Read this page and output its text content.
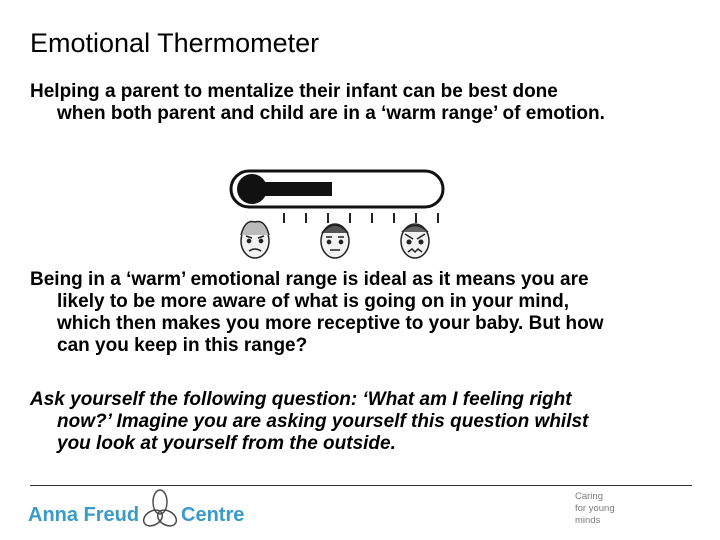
Emotional Thermometer
Helping a parent to mentalize their infant can be best done
when both parent and child are in a ‘warm range’ of emotion.
Being in a ‘warm’ emotional range is ideal as it means you are
likely to be more aware of what is going on in your mind,
which then makes you more receptive to your baby. But how
can you keep in this range?
Ask yourself the following question: ‘What am I feeling right
now?’ Imagine you are asking yourself this question whilst
you look at yourself from the outside.
Anna Freud Centre
Caring
for young
minds
